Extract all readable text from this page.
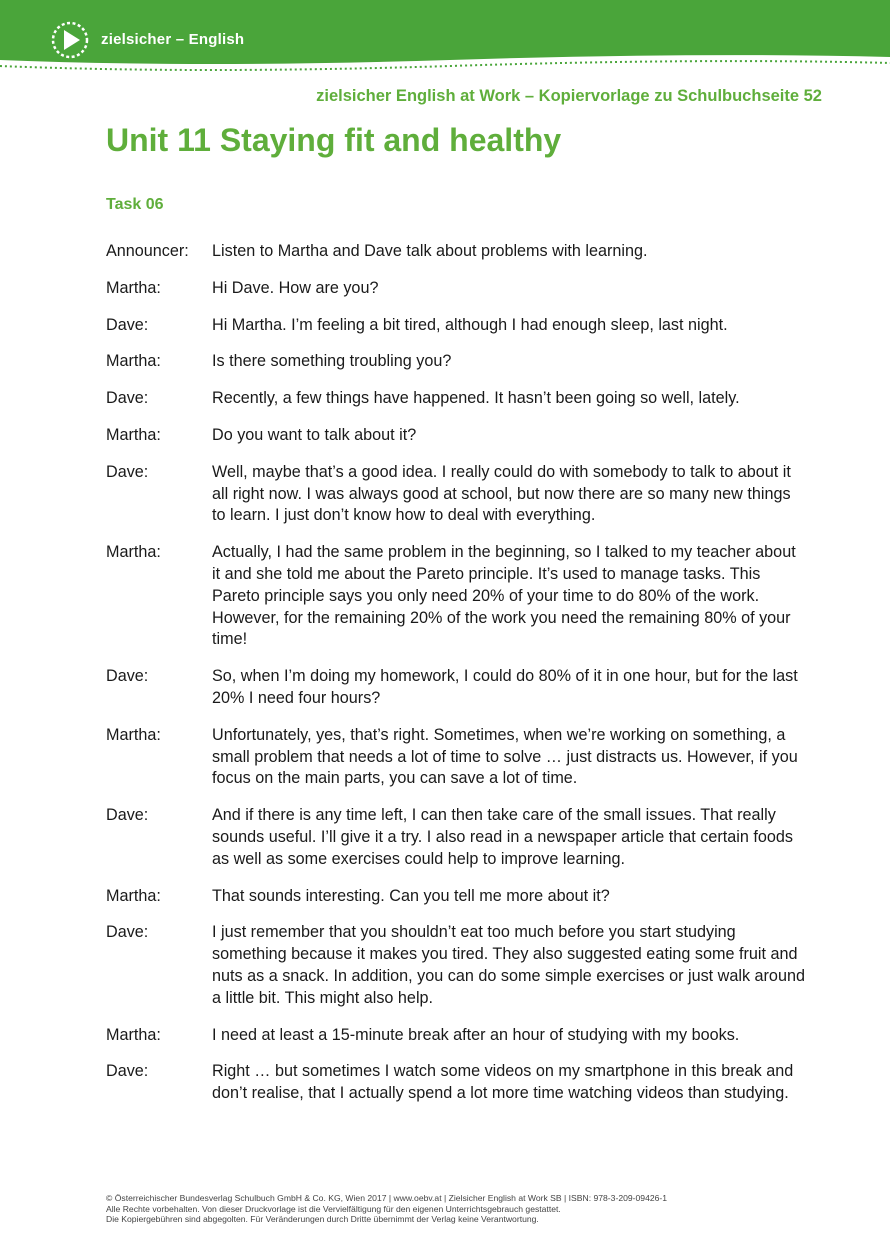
zielsicher – English
zielsicher English at Work – Kopiervorlage zu Schulbuchseite 52
Unit 11 Staying fit and healthy
Task 06
Announcer:	Listen to Martha and Dave talk about problems with learning.
Martha:	Hi Dave. How are you?
Dave:	Hi Martha. I’m feeling a bit tired, although I had enough sleep, last night.
Martha:	Is there something troubling you?
Dave:	Recently, a few things have happened. It hasn’t been going so well, lately.
Martha:	Do you want to talk about it?
Dave:	Well, maybe that’s a good idea. I really could do with somebody to talk to about it all right now. I was always good at school, but now there are so many new things to learn. I just don’t know how to deal with everything.
Martha:	Actually, I had the same problem in the beginning, so I talked to my teacher about it and she told me about the Pareto principle. It’s used to manage tasks. This Pareto principle says you only need 20% of your time to do 80% of the work. However, for the remaining 20% of the work you need the remaining 80% of your time!
Dave:	So, when I’m doing my homework, I could do 80% of it in one hour, but for the last 20% I need four hours?
Martha:	Unfortunately, yes, that’s right. Sometimes, when we’re working on something, a small problem that needs a lot of time to solve … just distracts us. However, if you focus on the main parts, you can save a lot of time.
Dave:	And if there is any time left, I can then take care of the small issues. That really sounds useful. I’ll give it a try. I also read in a newspaper article that certain foods as well as some exercises could help to improve learning.
Martha:	That sounds interesting. Can you tell me more about it?
Dave:	I just remember that you shouldn’t eat too much before you start studying something because it makes you tired. They also suggested eating some fruit and nuts as a snack. In addition, you can do some simple exercises or just walk around a little bit. This might also help.
Martha:	I need at least a 15-minute break after an hour of studying with my books.
Dave:	Right … but sometimes I watch some videos on my smartphone in this break and don’t realise, that I actually spend a lot more time watching videos than studying.
© Österreichischer Bundesverlag Schulbuch GmbH & Co. KG, Wien 2017 | www.oebv.at | Zielsicher English at Work SB | ISBN: 978-3-209-09426-1
Alle Rechte vorbehalten. Von dieser Druckvorlage ist die Vervielfältigung für den eigenen Unterrichtsgebrauch gestattet.
Die Kopiergebühren sind abgegolten. Für Veränderungen durch Dritte übernimmt der Verlag keine Verantwortung.
